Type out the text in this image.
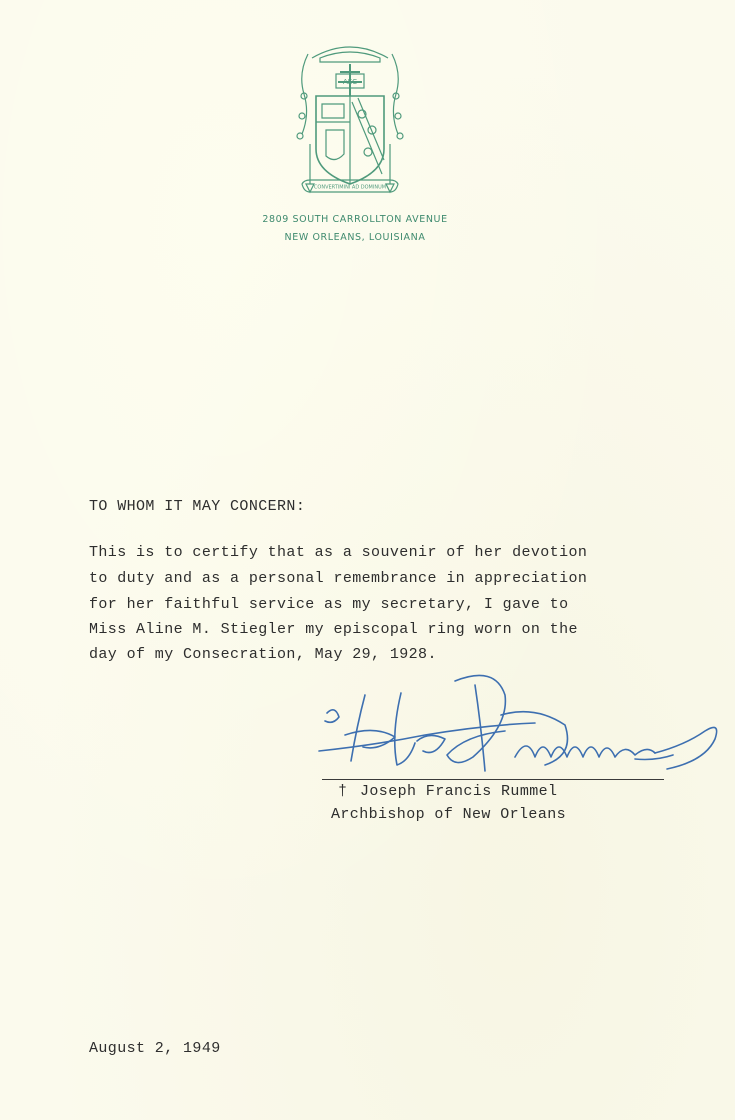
AEC
CONVERTIMINI AD DOMINUM
2809 SOUTH CARROLLTON AVENUE
NEW ORLEANS, LOUISIANA
TO WHOM IT MAY CONCERN:
This is to certify that as a souvenir of her devotion
to duty and as a personal remembrance in appreciation
for her faithful service as my secretary, I gave to
Miss Aline M. Stiegler my episcopal ring worn on the
day of my Consecration, May 29, 1928.
† Joseph Francis Rummel
Archbishop of New Orleans
August 2, 1949
